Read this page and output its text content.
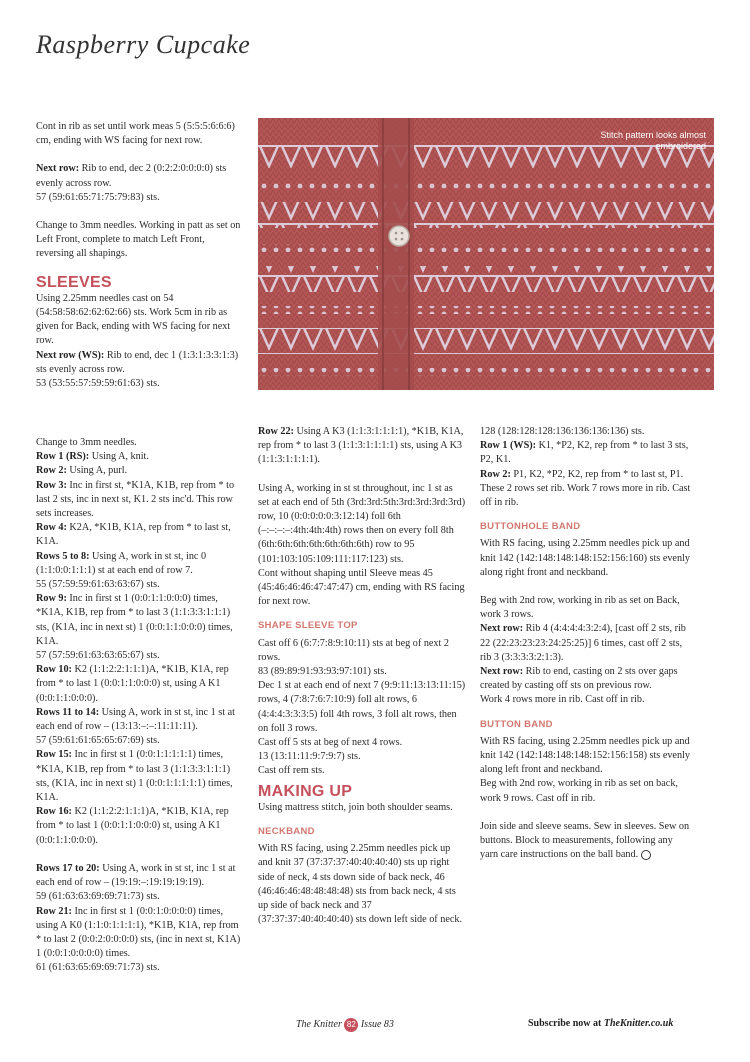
Raspberry Cupcake

Cont in rib as set until work meas 5 (5:5:5:6:6:6) cm, ending with WS facing for next row.

Next row: Rib to end, dec 2 (0:2:2:0:0:0:0) sts evenly across row.
57 (59:61:65:71:75:79:83) sts.

Change to 3mm needles. Working in patt as set on Left Front, complete to match Left Front, reversing all shapings.

SLEEVES
Using 2.25mm needles cast on 54 (54:58:58:62:62:62:66) sts. Work 5cm in rib as given for Back, ending with WS facing for next row.
Next row (WS): Rib to end, dec 1 (1:3:1:3:3:1:3) sts evenly across row.
53 (53:55:57:59:59:61:63) sts.
Change to 3mm needles.
Row 1 (RS): Using A, knit.
Row 2: Using A, purl.
Row 3: Inc in first st, *K1A, K1B, rep from * to last 2 sts, inc in next st, K1. 2 sts inc'd. This row sets increases.
Row 4: K2A, *K1B, K1A, rep from * to last st, K1A.
Rows 5 to 8: Using A, work in st st, inc 0 (1:1:0:0:1:1:1) st at each end of row 7.
55 (57:59:59:61:63:63:67) sts.
Row 9: Inc in first st 1 (0:0:1:1:0:0:0) times, *K1A, K1B, rep from * to last 3 (1:1:3:3:1:1:1) sts, (K1A, inc in next st) 1 (0:0:1:1:0:0:0) times, K1A.
57 (57:59:61:63:63:65:67) sts.
Row 10: K2 (1:1:2:2:1:1:1)A, *K1B, K1A, rep from * to last 1 (0:0:1:1:0:0:0) st, using A K1 (0:0:1:1:0:0:0).
Rows 11 to 14: Using A, work in st st, inc 1 st at each end of row – (13:13:–:–:11:11:11).
57 (59:61:61:65:65:67:69) sts.
Row 15: Inc in first st 1 (0:0:1:1:1:1:1) times, *K1A, K1B, rep from * to last 3 (1:1:3:3:1:1:1) sts, (K1A, inc in next st) 1 (0:0:1:1:1:1:1) times, K1A.

Row 16: K2 (1:1:2:2:1:1:1)A, *K1B, K1A, rep from * to last 1 (0:0:1:1:0:0:0) st, using A K1 (0:0:1:1:0:0:0).

Rows 17 to 20: Using A, work in st st, inc 1 st at each end of row – (19:19:–:19:19:19:19).
59 (61:63:63:69:69:71:73) sts.
Row 21: Inc in first st 1 (0:0:1:0:0:0:0) times, using A K0 (1:1:0:1:1:1:1), *K1B, K1A, rep from * to last 2 (0:0:2:0:0:0:0) sts, (inc in next st, K1A) 1 (0:0:1:0:0:0:0) times.
61 (61:63:65:69:69:71:73) sts.
Stitch pattern looks almost embroidered

Row 22: Using A K3 (1:1:3:1:1:1:1), *K1B, K1A, rep from * to last 3 (1:1:3:1:1:1:1) sts, using A K3 (1:1:3:1:1:1:1).

Using A, working in st st throughout, inc 1 st as set at each end of 5th (3rd:3rd:5th:3rd:3rd:3rd:3rd) row, 10 (0:0:0:0:0:3:12:14) foll 6th (–:–:–:–:4th:4th:4th) rows then on every foll 8th (6th:6th:6th:6th:6th:6th:6th) row to 95 (101:103:105:109:111:117:123) sts.
Cont without shaping until Sleeve meas 45 (45:46:46:46:47:47:47) cm, ending with RS facing for next row.
SHAPE SLEEVE TOP
Cast off 6 (6:7:7:8:9:10:11) sts at beg of next 2 rows.
83 (89:89:91:93:93:97:101) sts.
Dec 1 st at each end of next 7 (9:9:11:13:13:11:15) rows, 4 (7:8:7:6:7:10:9) foll alt rows, 6 (4:4:4:3:3:3:5) foll 4th rows, 3 foll alt rows, then on foll 3 rows.
Cast off 5 sts at beg of next 4 rows.
13 (13:11:11:9:7:9:7) sts.
Cast off rem sts.
MAKING UP
Using mattress stitch, join both shoulder seams.
NECKBAND
With RS facing, using 2.25mm needles pick up and knit 37 (37:37:37:40:40:40:40) sts up right side of neck, 4 sts down side of back neck, 46 (46:46:46:48:48:48:48) sts from back neck, 4 sts up side of back neck and 37 (37:37:37:40:40:40:40) sts down left side of neck.
128 (128:128:128:136:136:136:136) sts.
Row 1 (WS): K1, *P2, K2, rep from * to last 3 sts, P2, K1.
Row 2: P1, K2, *P2, K2, rep from * to last st, P1.
These 2 rows set rib. Work 7 rows more in rib. Cast off in rib.
BUTTONHOLE BAND

With RS facing, using 2.25mm needles pick up and knit 142 (142:148:148:148:152:156:160) sts evenly along right front and neckband.

Beg with 2nd row, working in rib as set on Back, work 3 rows.
Next row: Rib 4 (4:4:4:4:3:2:4), [cast off 2 sts, rib 22 (22:23:23:23:24:25:25)] 6 times, cast off 2 sts, rib 3 (3:3:3:3:2:1:3).
Next row: Rib to end, casting on 2 sts over gaps created by casting off sts on previous row.
Work 4 rows more in rib. Cast off in rib.
BUTTON BAND
With RS facing, using 2.25mm needles pick up and knit 142 (142:148:148:148:152:156:158) sts evenly along left front and neckband.

Beg with 2nd row, working in rib as set on back, work 9 rows. Cast off in rib.

Join side and sleeve seams. Sew in sleeves. Sew on buttons. Block to measurements, following any yarn care instructions on the ball band.
The Knitter 82 Issue 83	Subscribe now at TheKnitter.co.uk
